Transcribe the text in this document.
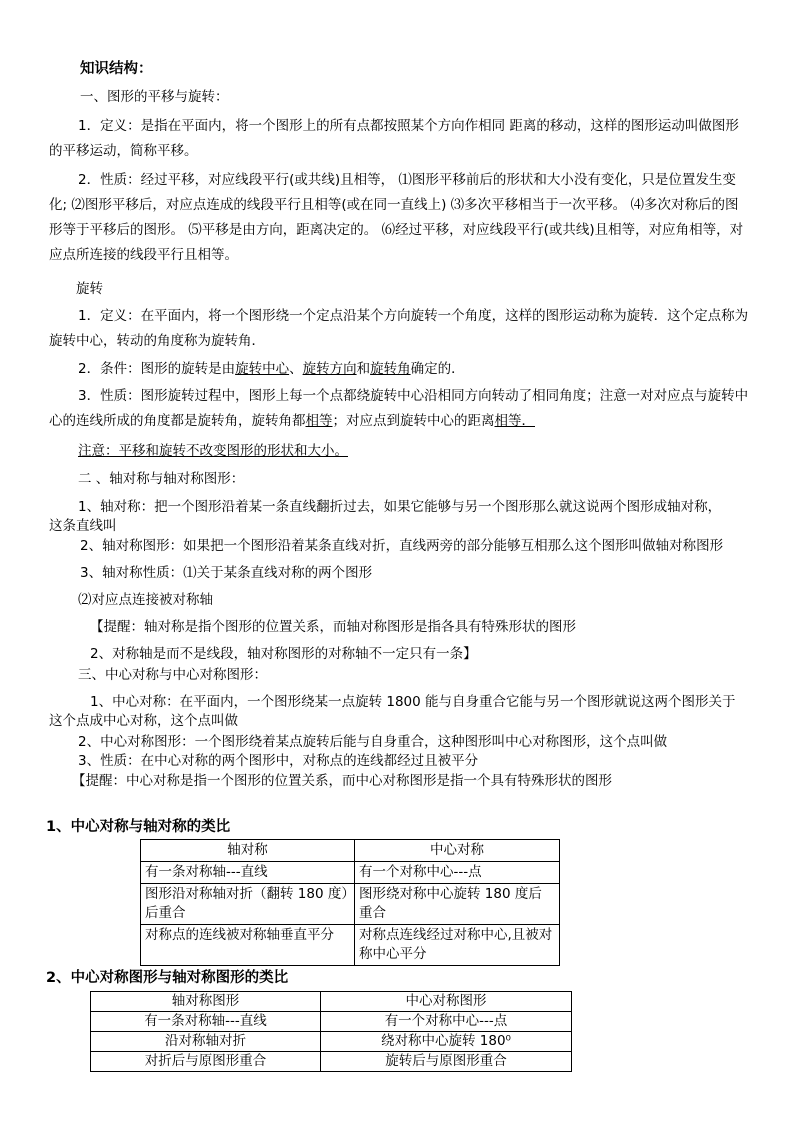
知识结构：
一、图形的平移与旋转：
1．定义：是指在平面内，将一个图形上的所有点都按照某个方向作相同 距离的移动，这样的图形运动叫做图形的平移运动，简称平移。
2．性质：经过平移，对应线段平行(或共线)且相等， ⑴图形平移前后的形状和大小没有变化，只是位置发生变化; ⑵图形平移后，对应点连成的线段平行且相等(或在同一直线上) ⑶多次平移相当于一次平移。 ⑷多次对称后的图形等于平移后的图形。 ⑸平移是由方向，距离决定的。 ⑹经过平移，对应线段平行(或共线)且相等，对应角相等，对应点所连接的线段平行且相等。
旋转
1．定义：在平面内，将一个图形绕一个定点沿某个方向旋转一个角度，这样的图形运动称为旋转．这个定点称为旋转中心，转动的角度称为旋转角．
2．条件：图形的旋转是由旋转中心、旋转方向和旋转角确定的．
3．性质：图形旋转过程中，图形上每一个点都绕旋转中心沿相同方向转动了相同角度；注意一对对应点与旋转中心的连线所成的角度都是旋转角，旋转角都相等；对应点到旋转中心的距离相等．
注意：平移和旋转不改变图形的形状和大小。
二 、轴对称与轴对称图形：
1、轴对称：把一个图形沿着某一条直线翻折过去，如果它能够与另一个图形那么就这说两个图形成轴对称，
这条直线叫
2、轴对称图形：如果把一个图形沿着某条直线对折，直线两旁的部分能够互相那么这个图形叫做轴对称图形
3、轴对称性质：⑴关于某条直线对称的两个图形
⑵对应点连接被对称轴
【提醒：轴对称是指个图形的位置关系，而轴对称图形是指各具有特殊形状的图形
2、对称轴是而不是线段，轴对称图形的对称轴不一定只有一条】
三、中心对称与中心对称图形：
1、中心对称：在平面内，一个图形绕某一点旋转 1800 能与自身重合它能与另一个图形就说这两个图形关于
这个点成中心对称，这个点叫做
2、中心对称图形：一个图形绕着某点旋转后能与自身重合，这种图形叫中心对称图形，这个点叫做
3、性质：在中心对称的两个图形中，对称点的连线都经过且被平分
【提醒：中心对称是指一个图形的位置关系，而中心对称图形是指一个具有特殊形状的图形
1、中心对称与轴对称的类比
轴对称	中心对称
有一条对称轴---直线	有一个对称中心---点
图形沿对称轴对折（翻转 180 度）后重合	图形绕对称中心旋转 180 度后重合
对称点的连线被对称轴垂直平分	对称点连线经过对称中心,且被对称中心平分
2、中心对称图形与轴对称图形的类比
轴对称图形	中心对称图形
有一条对称轴---直线	有一个对称中心---点
沿对称轴对折	绕对称中心旋转 180⁰
对折后与原图形重合	旋转后与原图形重合
